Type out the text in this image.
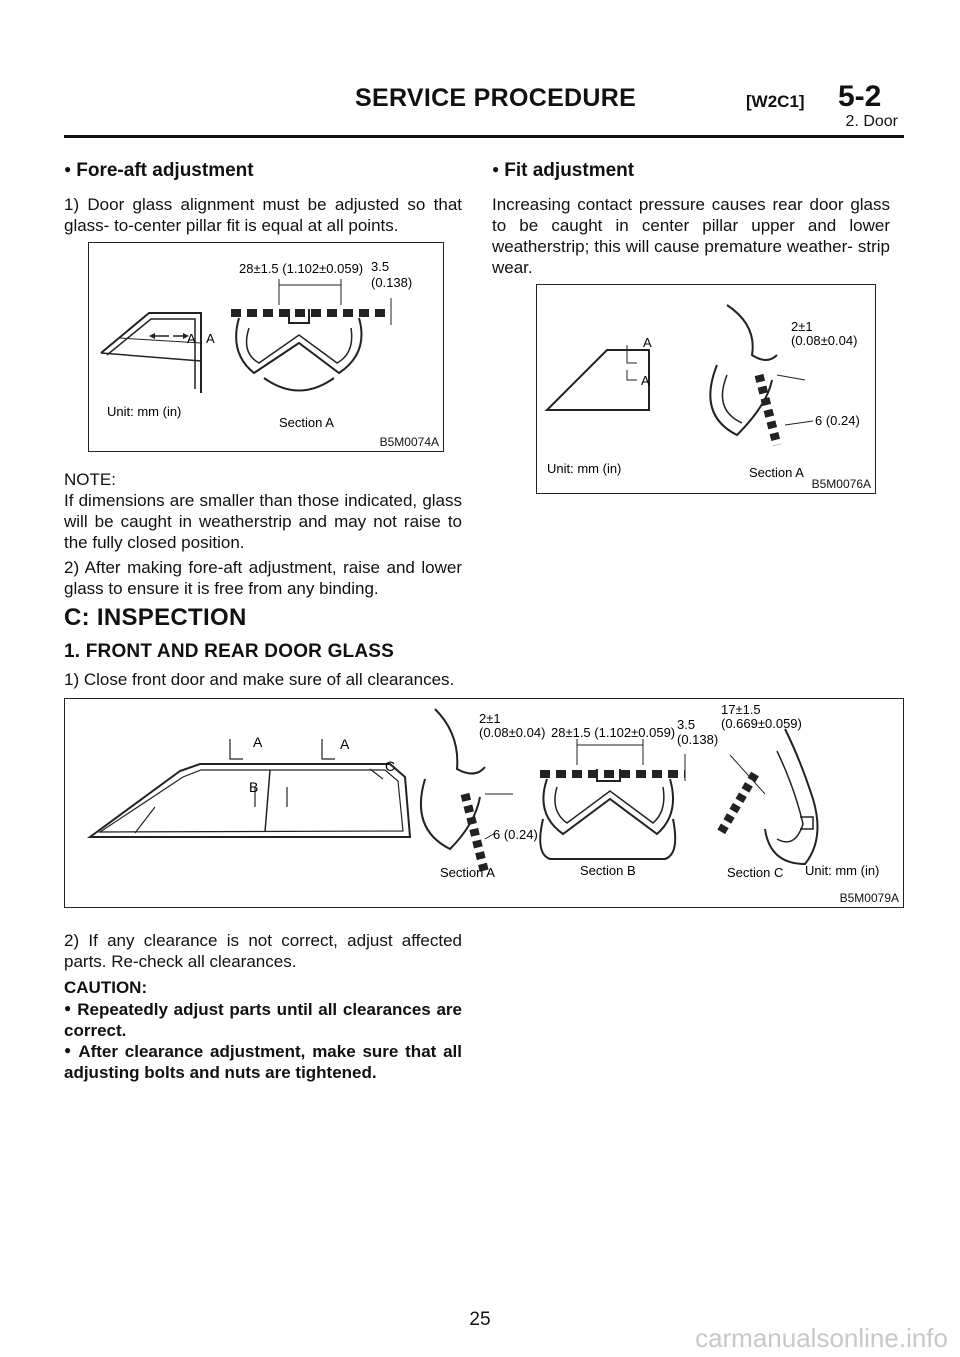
SERVICE PROCEDURE	[W2C1] 5-2
2. Door
● Fore-aft adjustment
1) Door glass alignment must be adjusted so that glass- to-center pillar fit is equal at all points.
A A
28±1.5 (1.102±0.059) 3.5
(0.138)
Unit: mm (in)
Section A
B5M0074A
NOTE:
If dimensions are smaller than those indicated, glass will be caught in weatherstrip and may not raise to the fully closed position.
2) After making fore-aft adjustment, raise and lower glass to ensure it is free from any binding.
● Fit adjustment
Increasing contact pressure causes rear door glass to be caught in center pillar upper and lower weatherstrip; this will cause premature weather- strip wear.
A
A
2±1
(0.08±0.04)
6 (0.24)
Unit: mm (in)	Section A
B5M0076A
C: INSPECTION
1. FRONT AND REAR DOOR GLASS
1) Close front door and make sure of all clearances.
A	A
B
C
2±1
(0.08±0.04)
6 (0.24)
Section A
28±1.5 (1.102±0.059)
3.5
(0.138)
Section B
17±1.5
(0.669±0.059)
Section C Unit: mm (in)
B5M0079A
2) If any clearance is not correct, adjust affected parts. Re-check all clearances.
CAUTION:
● Repeatedly adjust parts until all clearances are correct.
● After clearance adjustment, make sure that all adjusting bolts and nuts are tightened.
25
carmanualsonline.info
